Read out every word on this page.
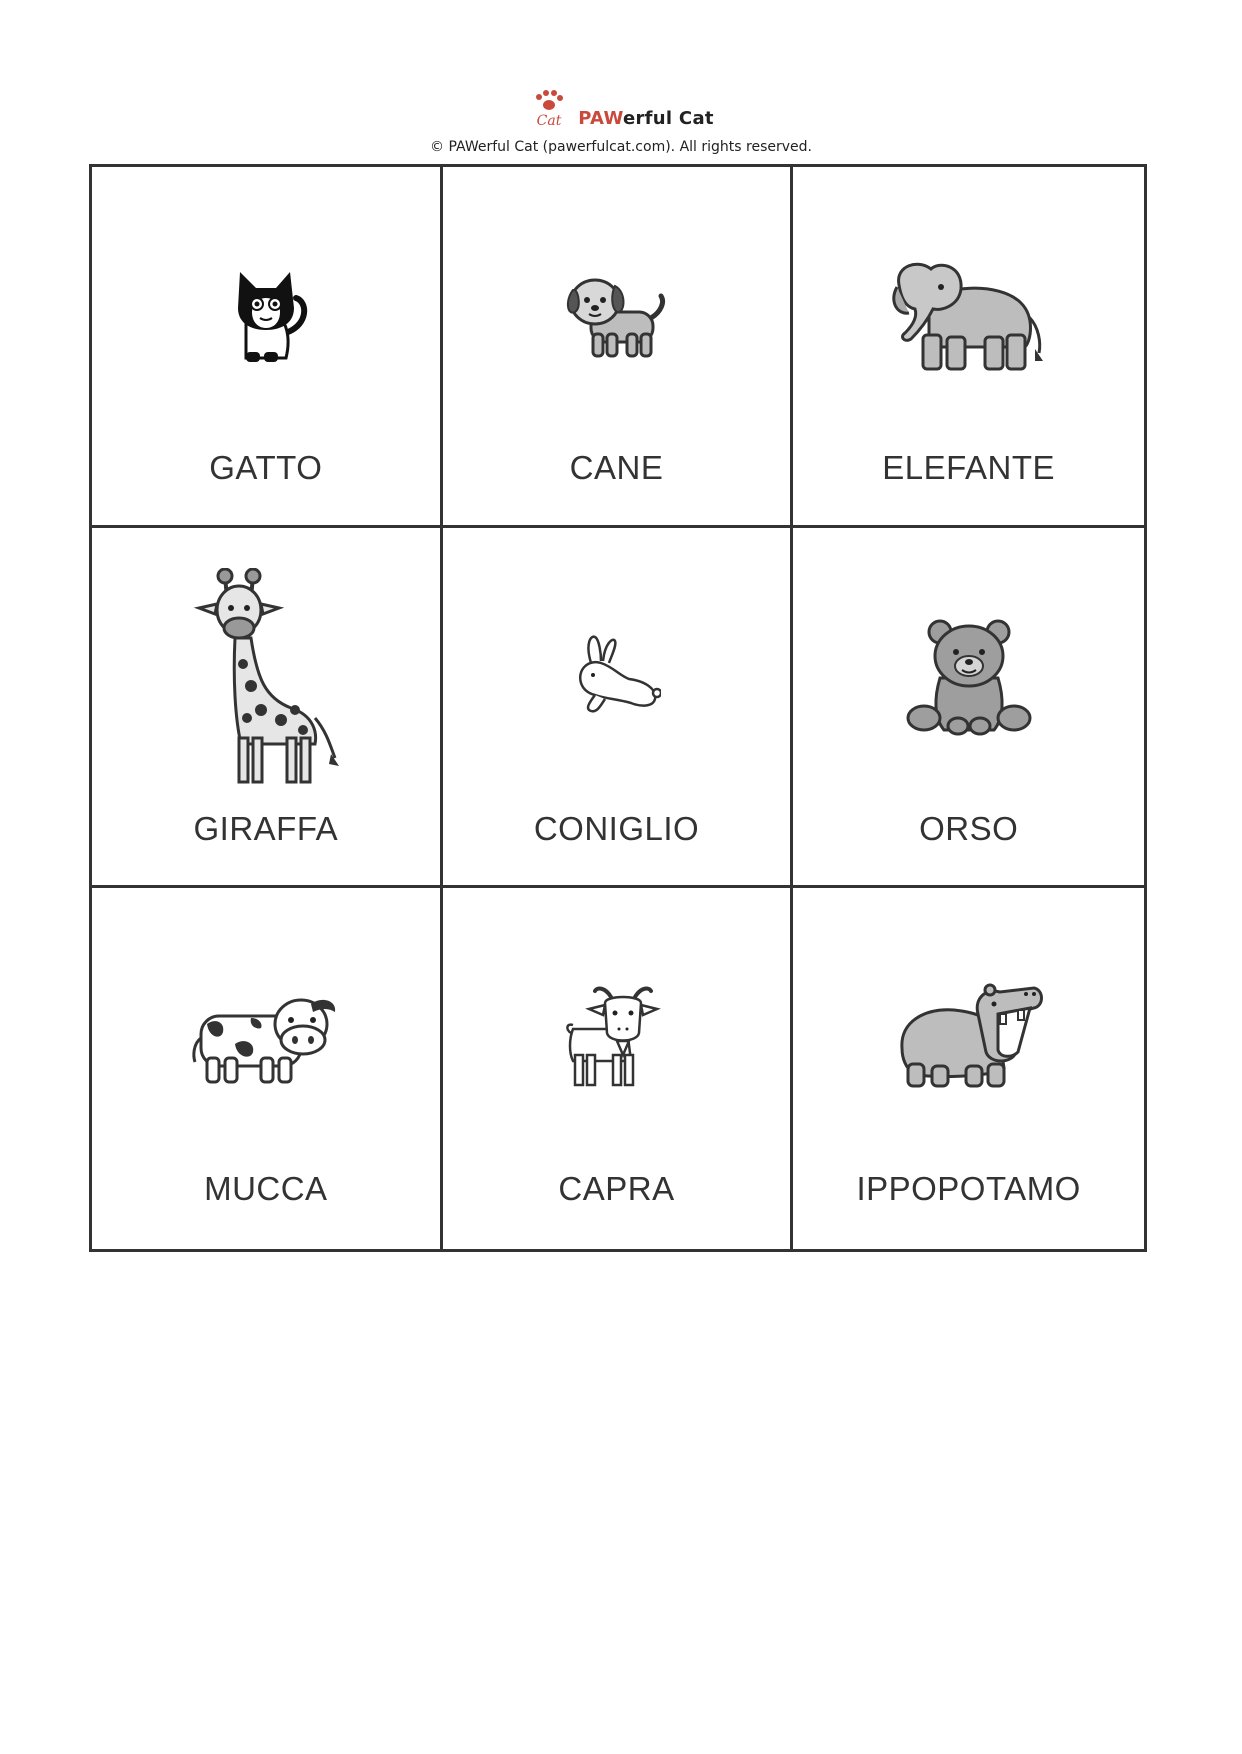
Cat PAWerful Cat
© PAWerful Cat (pawerfulcat.com). All rights reserved.
GATTO	CANE	ELEFANTE
GIRAFFA	CONIGLIO	ORSO
MUCCA	CAPRA	IPPOPOTAMO
